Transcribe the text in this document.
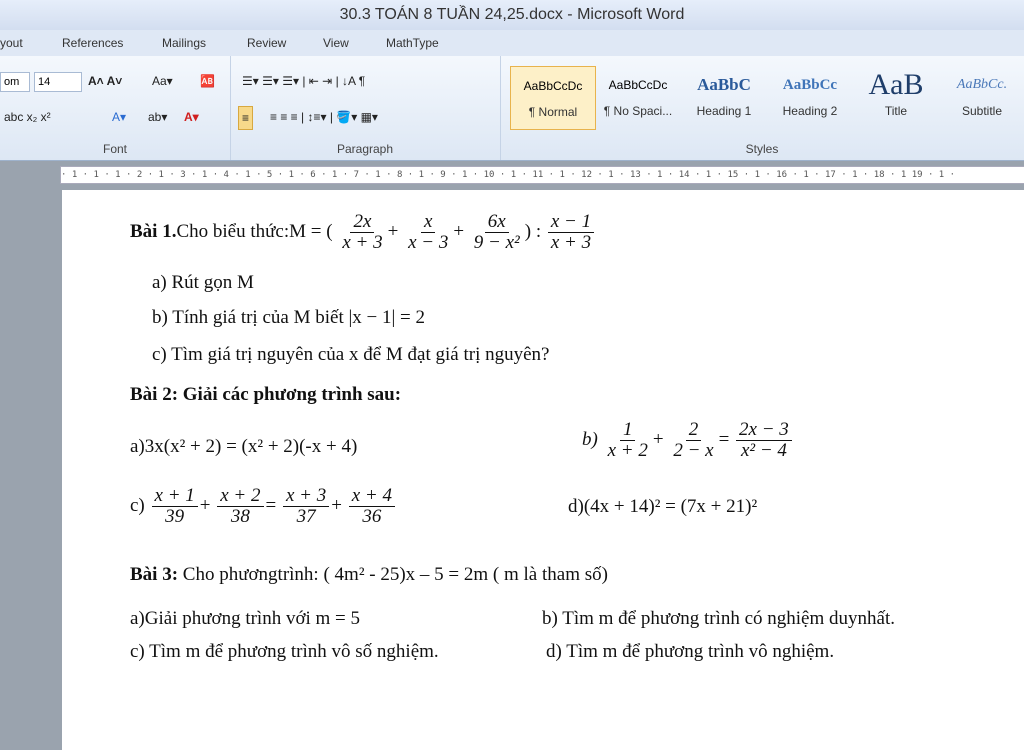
30.3 TOÁN 8 TUẦN 24,25.docx - Microsoft Word
yout	References	Mailings	Review	View	MathType
om	14	A˄ A˅ Aa▾ 🆎
abc x₂ x²	A▾ ab▾ A▾
Font
☰▾ ☰▾ ☰▾ | ⇤ ⇥ | ↓A ¶
≡	≡ ≡ ≡ | ↕≡▾ | 🪣▾ ▦▾
Paragraph
AaBbCcDc
¶ Normal
AaBbCcDc
¶ No Spaci...
AaBbC
Heading 1
AaBbCc
Heading 2
AaB
Title
AaBbCc.
Subtitle
Styles
· 1 · 1 · 1 · 2 · 1 · 3 · 1 · 4 · 1 · 5 · 1 · 6 · 1 · 7 · 1 · 8 · 1 · 9 · 1 · 10 · 1 · 11 · 1 · 12 · 1 · 13 · 1 · 14 · 1 · 15 · 1 · 16 · 1 · 17 · 1 · 18 · 1 19 · 1 ·
Bài 1.Cho biểu thức:M = ( $\frac{2x}{x + 3} + \frac{x}{x - 3} + \frac{6x}{\text{9 − x²}}$ ) : $\frac{x - 1}{x + 3}$
a) Rút gọn M
b) Tính giá trị của M biết |x − 1| = 2
c) Tìm giá trị nguyên của x để M đạt giá trị nguyên?
Bài 2: Giải các phương trình sau:
a)3x(x² + 2) = (x² + 2)(-x + 4)	$b) \frac{1}{x + 2} + \frac{2}{2 - x} = \frac{2x - 3}{\text{x² − 4}}$
$c) \frac{x + 1}{39} + \frac{x + 2}{38} = \frac{x + 3}{37} + \frac{x + 4}{36}$	d)(4x + 14)² = (7x + 21)²
Bài 3: Cho phươngtrình: ( 4m² - 25)x – 5 = 2m ( m là tham số)
a)Giải phương trình với m = 5	b) Tìm m để phương trình có nghiệm duynhất.
c) Tìm m để phương trình vô số nghiệm.	d) Tìm m để phương trình vô nghiệm.
